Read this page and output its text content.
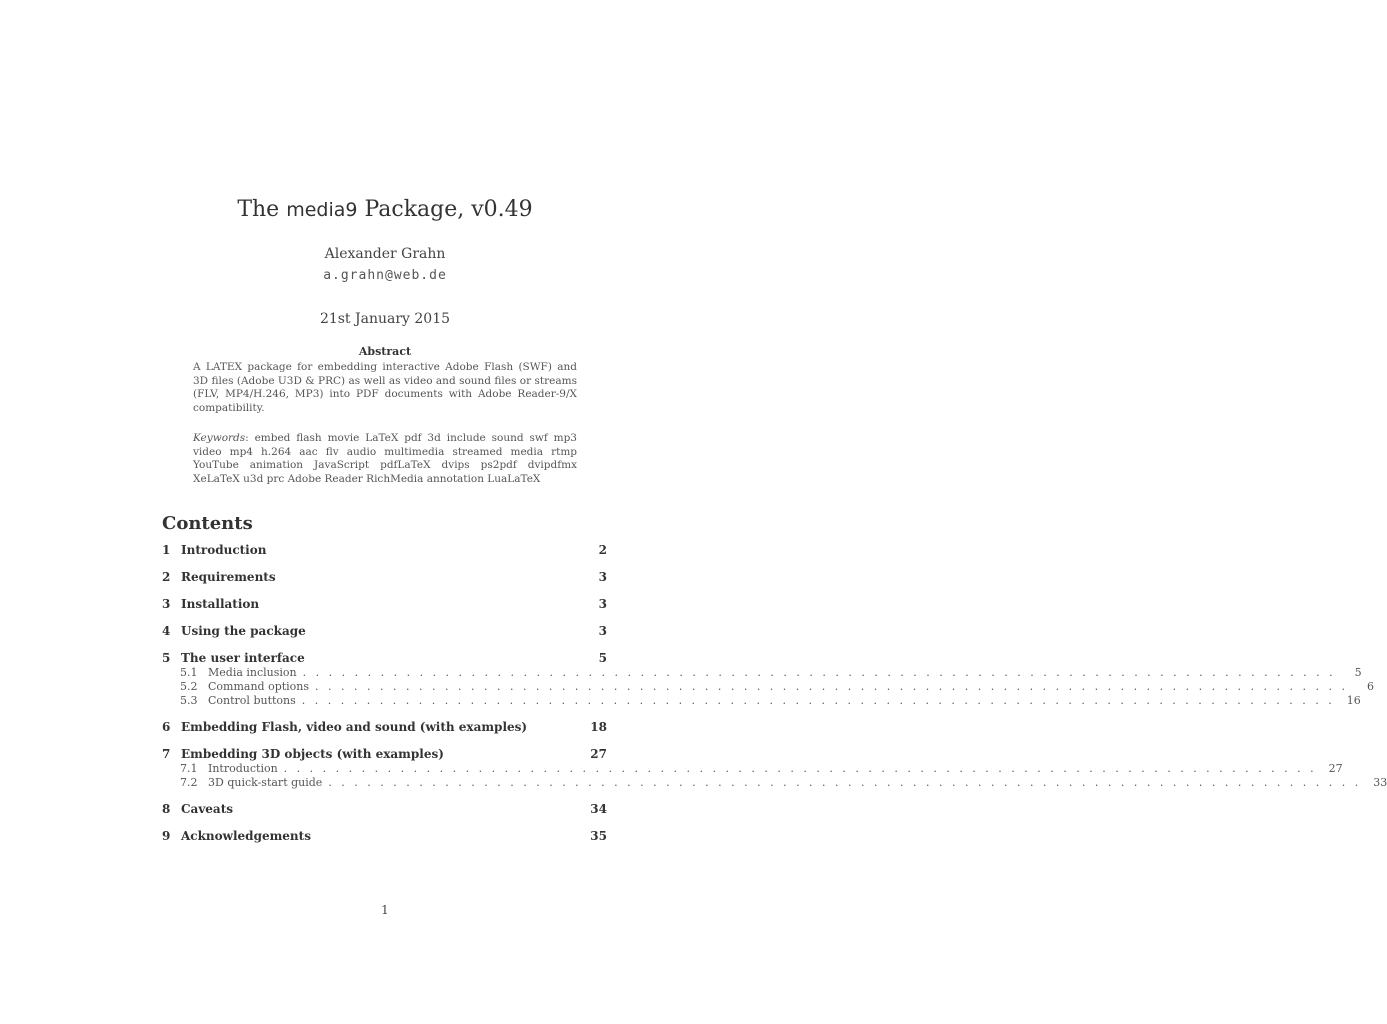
The media9 Package, v0.49
Alexander Grahn
a.grahn@web.de
21st January 2015
Abstract
A LATEX package for embedding interactive Adobe Flash (SWF) and 3D files (Adobe U3D & PRC) as well as video and sound files or streams (FLV, MP4/H.246, MP3) into PDF documents with Adobe Reader-9/X compatibility.
Keywords: embed flash movie LaTeX pdf 3d include sound swf mp3 video mp4 h.264 aac flv audio multimedia streamed media rtmp YouTube animation JavaScript pdfLaTeX dvips ps2pdf dvipdfmx XeLaTeX u3d prc Adobe Reader RichMedia annotation LuaLaTeX
Contents
1 Introduction	2
2 Requirements	3
3 Installation	3
4 Using the package	3
5 The user interface	5
5.1 Media inclusion . . . . . . . . . . . . . . . . . . . . . . . . . . . . . . . . . . . . . . . . . . . . . . . . . . . . . . . . . . . . . . . . . . . . . . . . . . . . . . . .	5
5.2 Command options . . . . . . . . . . . . . . . . . . . . . . . . . . . . . . . . . . . . . . . . . . . . . . . . . . . . . . . . . . . . . . . . . . . . . . . . . . . . . . . .	6
5.3 Control buttons . . . . . . . . . . . . . . . . . . . . . . . . . . . . . . . . . . . . . . . . . . . . . . . . . . . . . . . . . . . . . . . . . . . . . . . . . . . . . . . .	16
6 Embedding Flash, video and sound (with examples)	18
7 Embedding 3D objects (with examples)	27
7.1 Introduction . . . . . . . . . . . . . . . . . . . . . . . . . . . . . . . . . . . . . . . . . . . . . . . . . . . . . . . . . . . . . . . . . . . . . . . . . . . . . . . .	27
7.2 3D quick-start guide . . . . . . . . . . . . . . . . . . . . . . . . . . . . . . . . . . . . . . . . . . . . . . . . . . . . . . . . . . . . . . . . . . . . . . . . . . . . . . . .	33
8 Caveats	34
9 Acknowledgements	35
1
